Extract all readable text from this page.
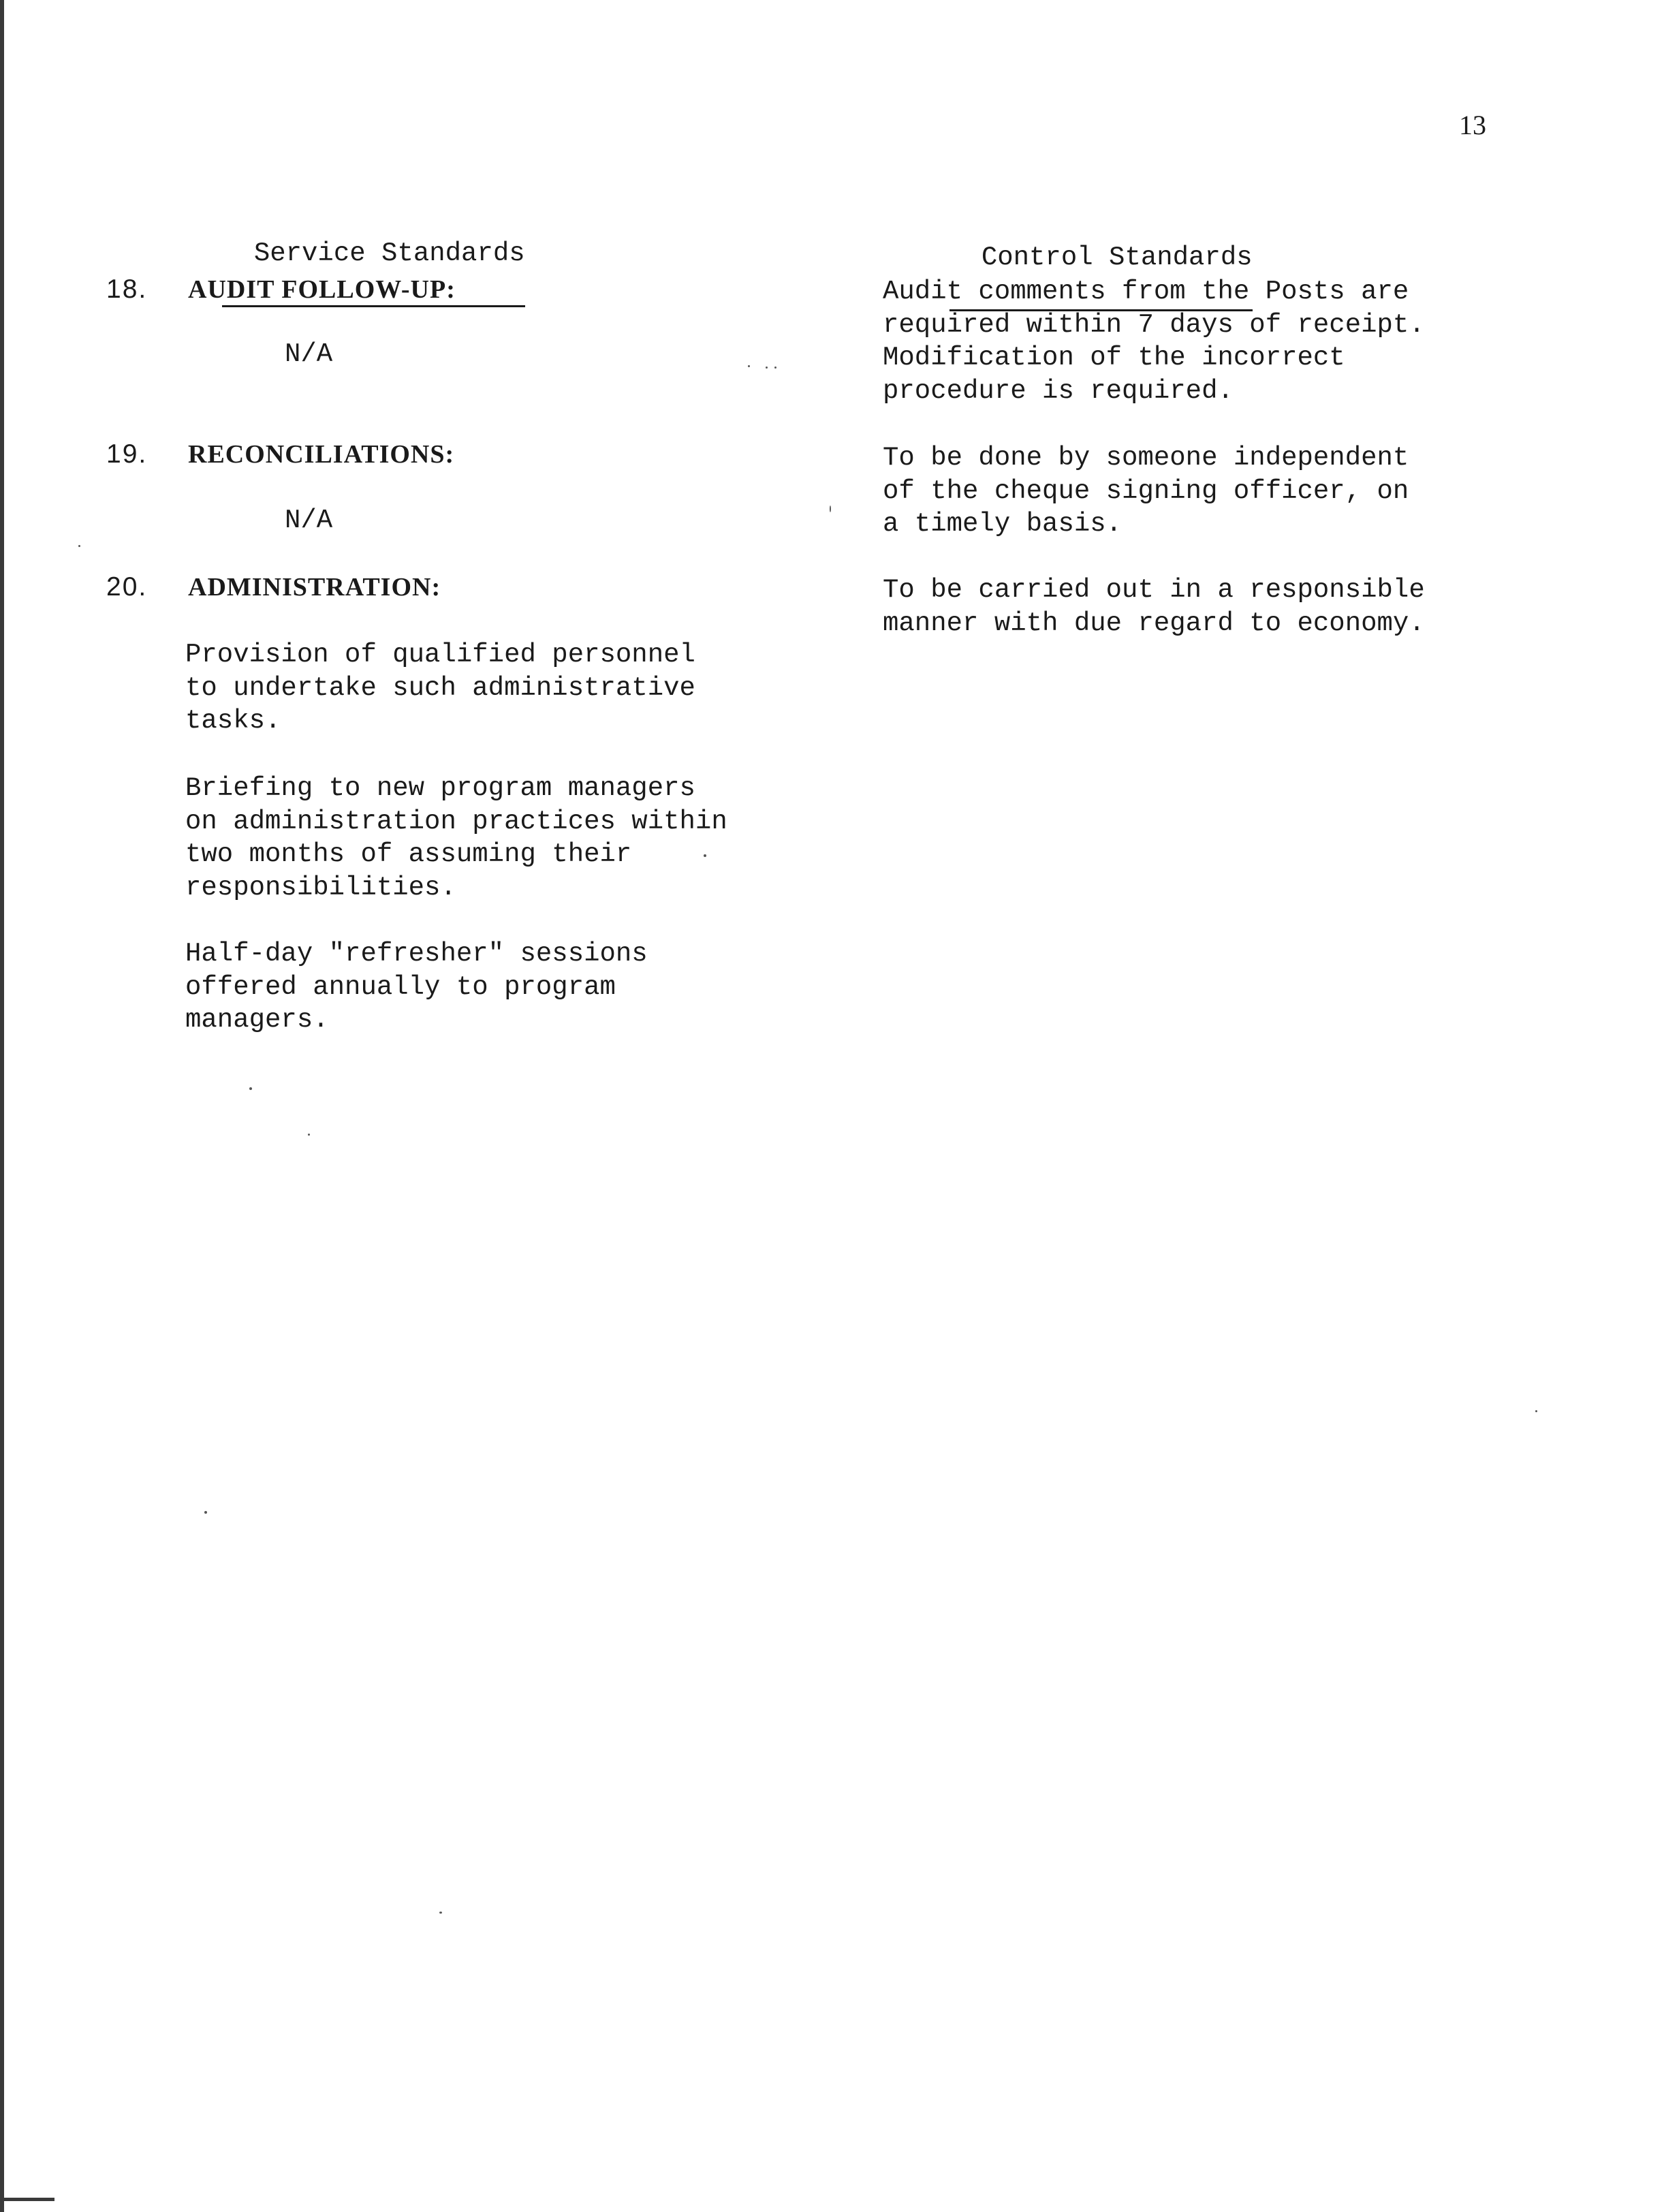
13

Service Standards
	Control Standards

18. AUDIT FOLLOW-UP:
N/A
Audit comments from the Posts are
required within 7 days of receipt.
Modification of the incorrect
procedure is required.
19. RECONCILIATIONS:
N/A
To be done by someone independent
of the cheque signing officer, on
a timely basis.
20. ADMINISTRATION:
Provision of qualified personnel
to undertake such administrative
tasks.
Briefing to new program managers
on administration practices within
two months of assuming their
responsibilities.
Half-day "refresher" sessions
offered annually to program
managers.
To be carried out in a responsible
manner with due regard to economy.
